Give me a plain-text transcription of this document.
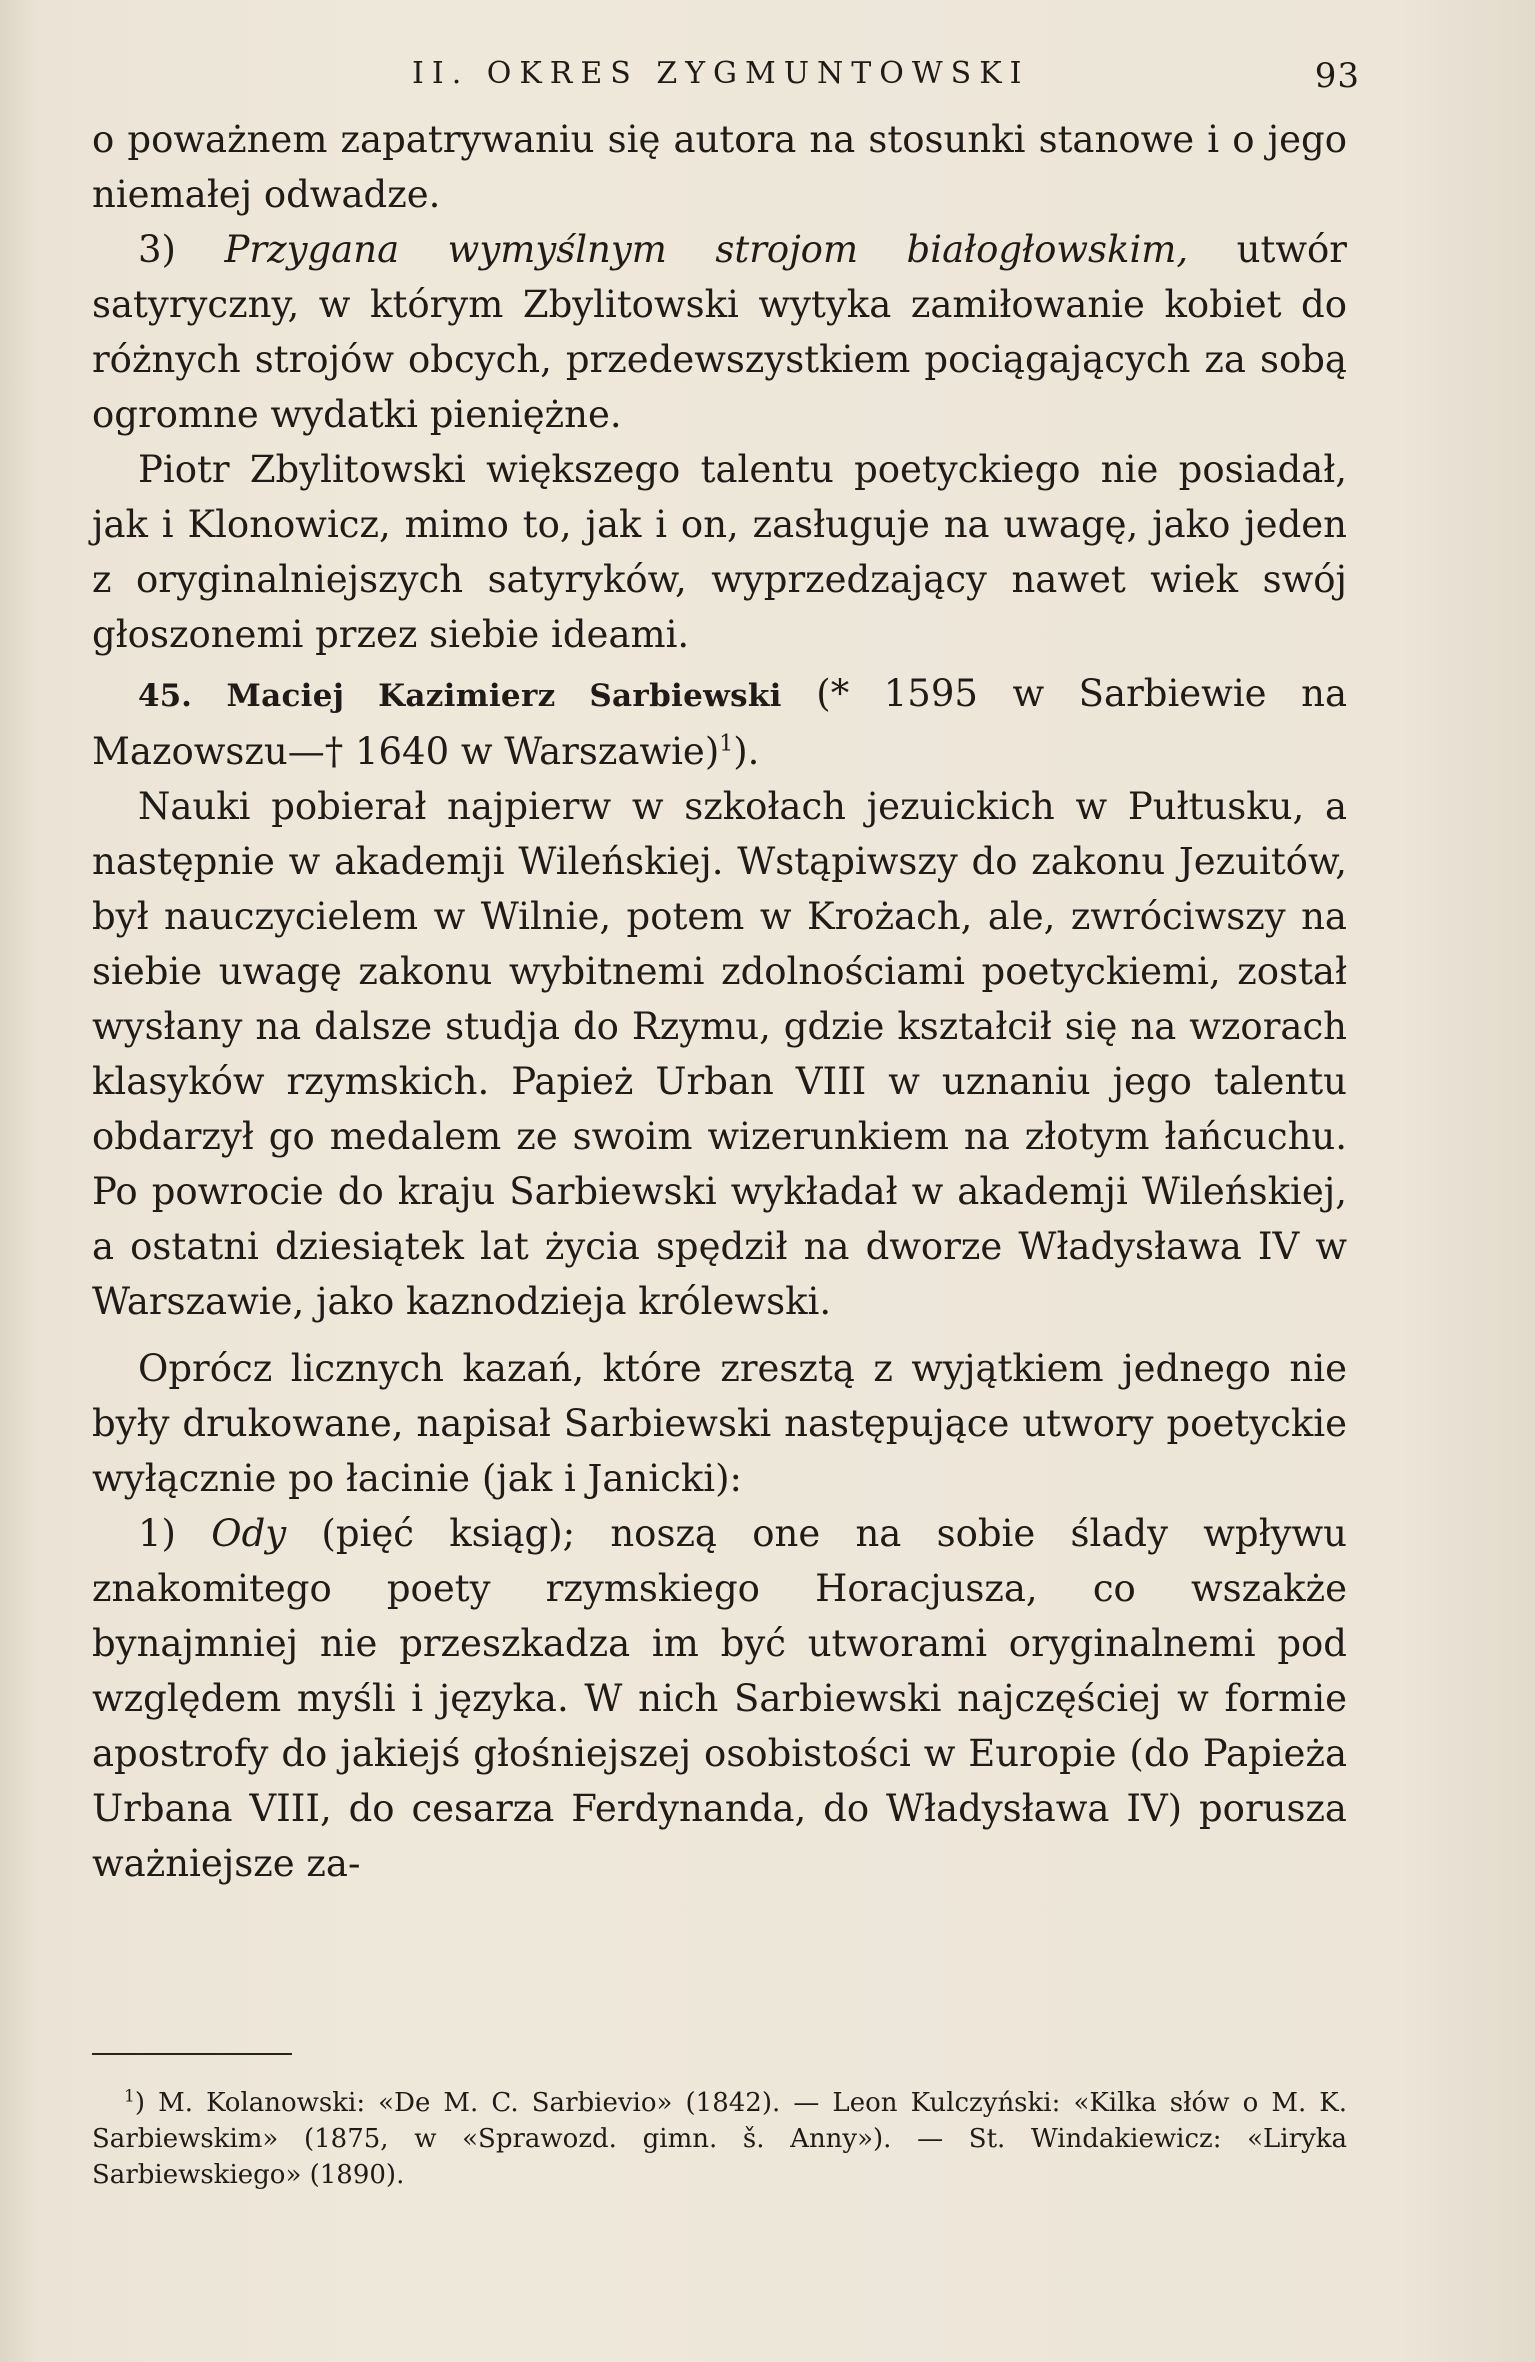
II. OKRES ZYGMUNTOWSKI	93

o poważnem zapatrywaniu się autora na stosunki stanowe i o jego niemałej odwadze.

3) Przygana wymyślnym strojom białogłowskim, utwór satyryczny, w którym Zbylitowski wytyka zamiłowanie kobiet do różnych strojów obcych, przedewszystkiem pociągających za sobą ogromne wydatki pieniężne.

Piotr Zbylitowski większego talentu poetyckiego nie posiadał, jak i Klonowicz, mimo to, jak i on, zasługuje na uwagę, jako jeden z oryginalniejszych satyryków, wyprzedzający nawet wiek swój głoszonemi przez siebie ideami.

45. Maciej Kazimierz Sarbiewski (* 1595 w Sarbiewie na Mazowszu—† 1640 w Warszawie)$^1$).

Nauki pobierał najpierw w szkołach jezuickich w Pułtusku, a następnie w akademji Wileńskiej. Wstąpiwszy do zakonu Jezuitów, był nauczycielem w Wilnie, potem w Krożach, ale, zwróciwszy na siebie uwagę zakonu wybitnemi zdolnościami poetyckiemi, został wysłany na dalsze studja do Rzymu, gdzie kształcił się na wzorach klasyków rzymskich. Papież Urban VIII w uznaniu jego talentu obdarzył go medalem ze swoim wizerunkiem na złotym łańcuchu. Po powrocie do kraju Sarbiewski wykładał w akademji Wileńskiej, a ostatni dziesiątek lat życia spędził na dworze Władysława IV w Warszawie, jako kaznodzieja królewski.

Oprócz licznych kazań, które zresztą z wyjątkiem jednego nie były drukowane, napisał Sarbiewski następujące utwory poetyckie wyłącznie po łacinie (jak i Janicki):

1) Ody (pięć ksiąg); noszą one na sobie ślady wpływu znakomitego poety rzymskiego Horacjusza, co wszakże bynajmniej nie przeszkadza im być utworami oryginalnemi pod względem myśli i języka. W nich Sarbiewski najczęściej w formie apostrofy do jakiejś głośniejszej osobistości w Europie (do Papieża Urbana VIII, do cesarza Ferdynanda, do Władysława IV) porusza ważniejsze za-

$^1$) M. Kolanowski: «De M. C. Sarbievio» (1842). — Leon Kulczyński: «Kilka słów o M. K. Sarbiewskim» (1875, w «Sprawozd. gimn. š. Anny»). — St. Windakiewicz: «Liryka Sarbiewskiego» (1890).
